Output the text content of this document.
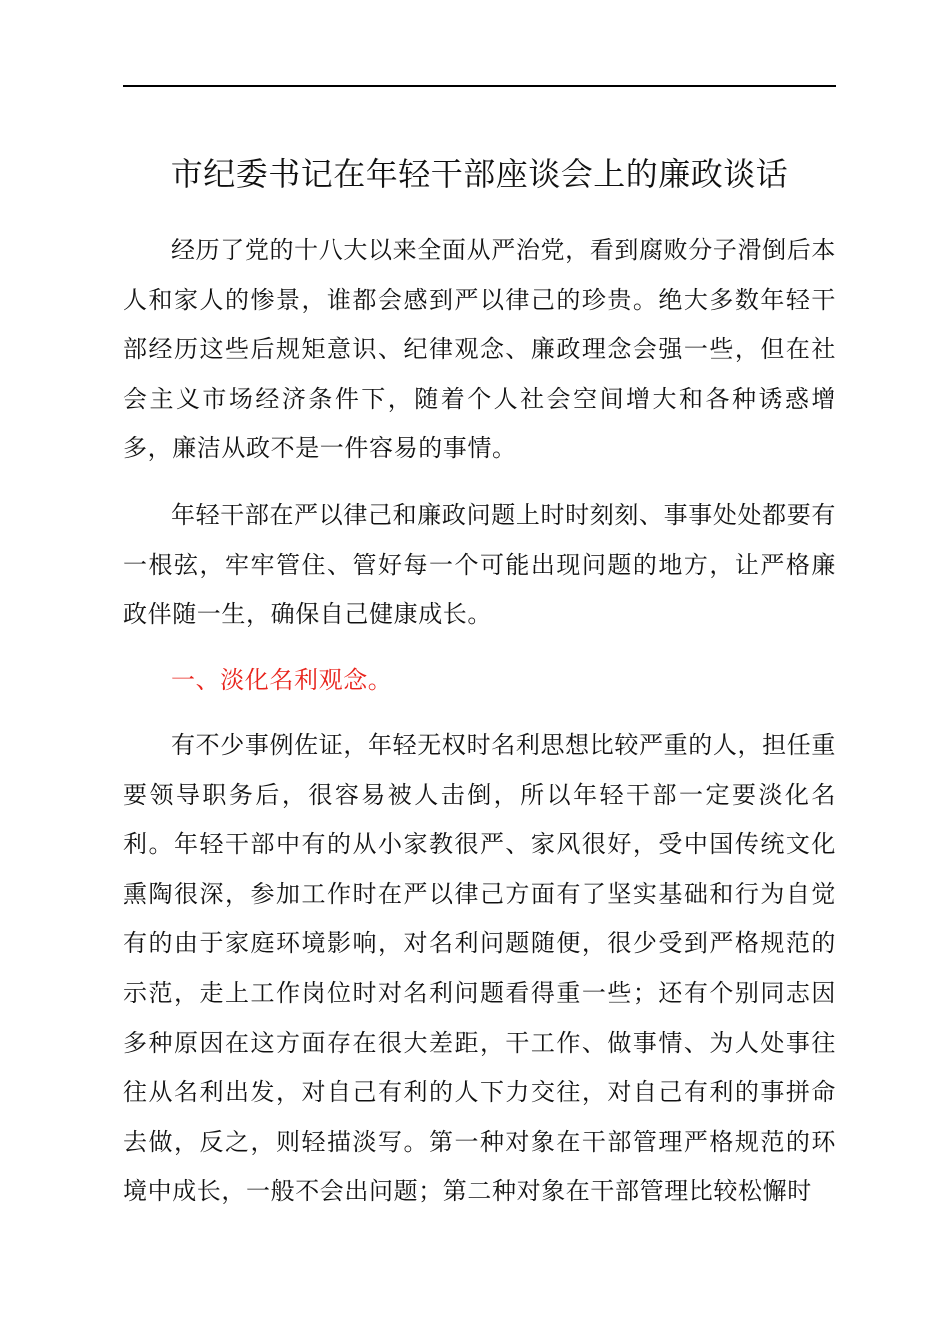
市纪委书记在年轻干部座谈会上的廉政谈话

经历了党的十八大以来全面从严治党，看到腐败分子滑倒后本人和家人的惨景，谁都会感到严以律己的珍贵。绝大多数年轻干部经历这些后规矩意识、纪律观念、廉政理念会强一些，但在社会主义市场经济条件下，随着个人社会空间增大和各种诱惑增多，廉洁从政不是一件容易的事情。

年轻干部在严以律己和廉政问题上时时刻刻、事事处处都要有一根弦，牢牢管住、管好每一个可能出现问题的地方，让严格廉政伴随一生，确保自己健康成长。

一、淡化名利观念。

有不少事例佐证，年轻无权时名利思想比较严重的人，担任重要领导职务后，很容易被人击倒，所以年轻干部一定要淡化名利。年轻干部中有的从小家教很严、家风很好，受中国传统文化熏陶很深，参加工作时在严以律己方面有了坚实基础和行为自觉有的由于家庭环境影响，对名利问题随便，很少受到严格规范的示范，走上工作岗位时对名利问题看得重一些；还有个别同志因多种原因在这方面存在很大差距，干工作、做事情、为人处事往往从名利出发，对自己有利的人下力交往，对自己有利的事拼命去做，反之，则轻描淡写。第一种对象在干部管理严格规范的环境中成长，一般不会出问题；第二种对象在干部管理比较松懈时
